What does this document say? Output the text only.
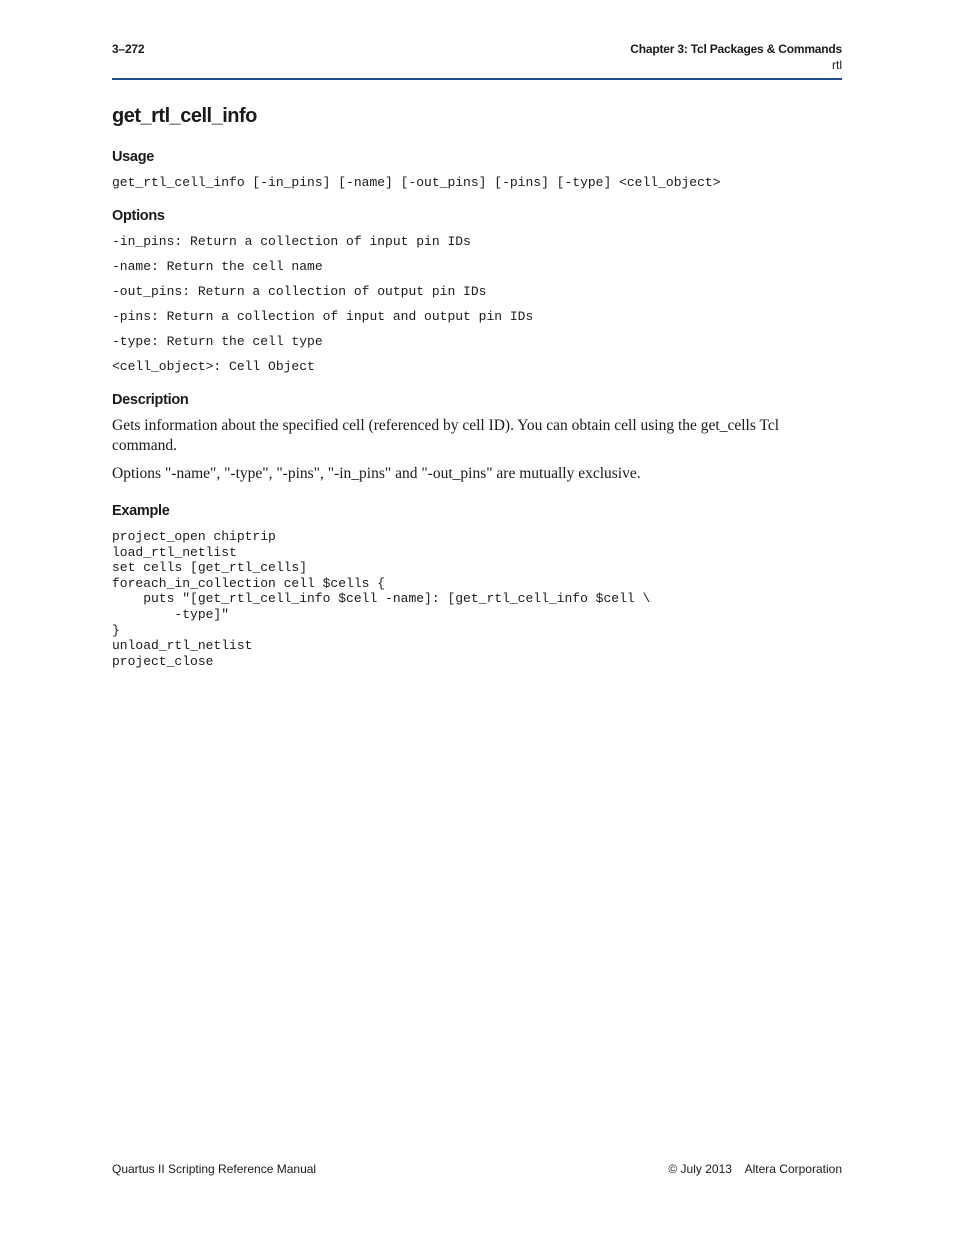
3–272	Chapter 3: Tcl Packages & Commands
rtl
get_rtl_cell_info
Usage
get_rtl_cell_info [-in_pins] [-name] [-out_pins] [-pins] [-type] <cell_object>
Options
-in_pins: Return a collection of input pin IDs
-name: Return the cell name
-out_pins: Return a collection of output pin IDs
-pins: Return a collection of input and output pin IDs
-type: Return the cell type
<cell_object>: Cell Object
Description

Gets information about the specified cell (referenced by cell ID). You can obtain cell using the get_cells Tcl command.

Options "-name", "-type", "-pins", "-in_pins" and "-out_pins" are mutually exclusive.

Example
project_open chiptrip
load_rtl_netlist
set cells [get_rtl_cells]
foreach_in_collection cell $cells {
puts "[get_rtl_cell_info $cell -name]: [get_rtl_cell_info $cell \
-type]"
}
unload_rtl_netlist
project_close
Quartus II Scripting Reference Manual	© July 2013 Altera Corporation
